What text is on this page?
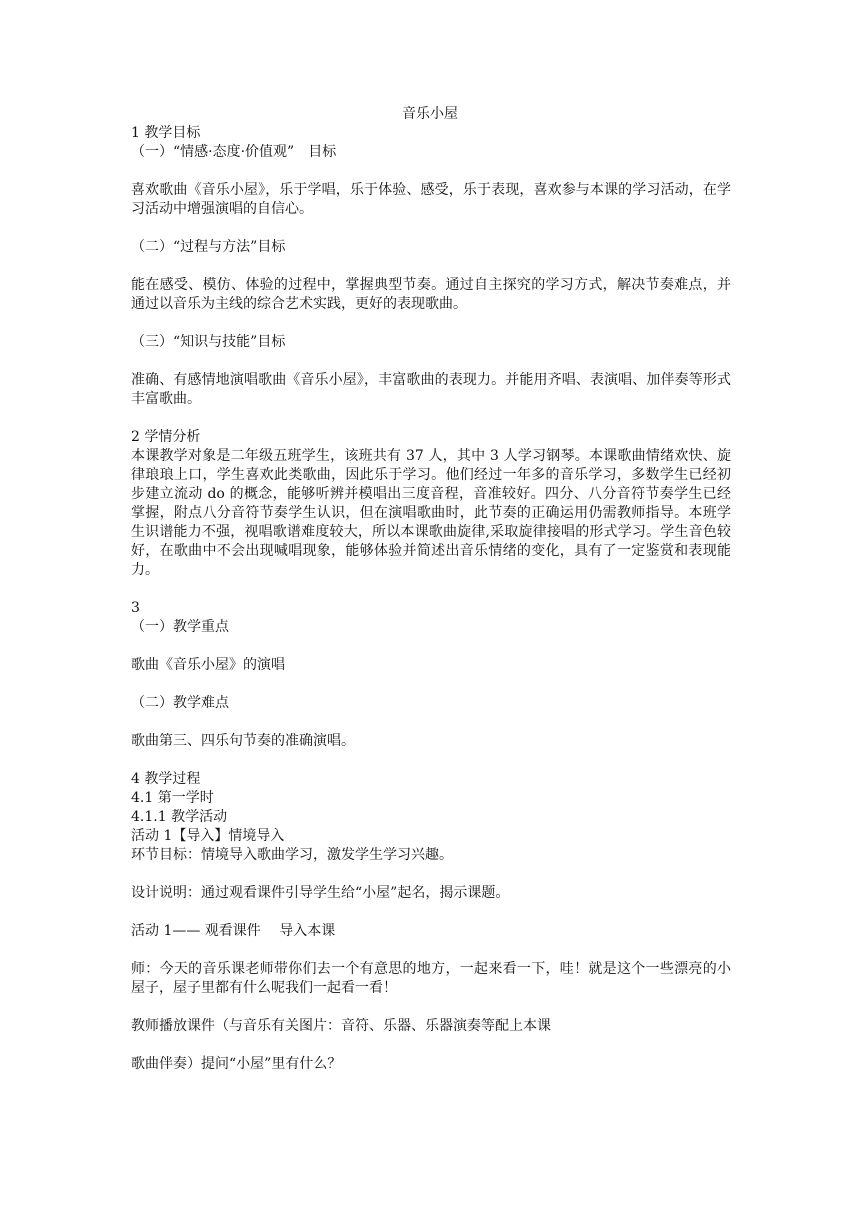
音乐小屋
1 教学目标
（一）“情感·态度·价值观”　目标
喜欢歌曲《音乐小屋》，乐于学唱，乐于体验、感受，乐于表现，喜欢参与本课的学习活动，在学习活动中增强演唱的自信心。
（二）“过程与方法”目标
能在感受、模仿、体验的过程中，掌握典型节奏。通过自主探究的学习方式，解决节奏难点，并通过以音乐为主线的综合艺术实践，更好的表现歌曲。
（三）“知识与技能”目标
准确、有感情地演唱歌曲《音乐小屋》，丰富歌曲的表现力。并能用齐唱、表演唱、加伴奏等形式丰富歌曲。
2 学情分析
本课教学对象是二年级五班学生，该班共有 37 人，其中 3 人学习钢琴。本课歌曲情绪欢快、旋律琅琅上口，学生喜欢此类歌曲，因此乐于学习。他们经过一年多的音乐学习，多数学生已经初步建立流动 do 的概念，能够听辨并模唱出三度音程，音准较好。四分、八分音符节奏学生已经掌握，附点八分音符节奏学生认识，但在演唱歌曲时，此节奏的正确运用仍需教师指导。本班学生识谱能力不强，视唱歌谱难度较大，所以本课歌曲旋律,采取旋律接唱的形式学习。学生音色较好，在歌曲中不会出现喊唱现象，能够体验并简述出音乐情绪的变化，具有了一定鉴赏和表现能力。
3
（一）教学重点
歌曲《音乐小屋》的演唱
（二）教学难点
歌曲第三、四乐句节奏的准确演唱。
4 教学过程
4.1 第一学时
4.1.1 教学活动
活动 1【导入】情境导入
环节目标：情境导入歌曲学习，激发学生学习兴趣。
设计说明：通过观看课件引导学生给“小屋”起名，揭示课题。
活动 1—— 观看课件　 导入本课
师：今天的音乐课老师带你们去一个有意思的地方，一起来看一下，哇！就是这个一些漂亮的小屋子，屋子里都有什么呢我们一起看一看！
教师播放课件（与音乐有关图片：音符、乐器、乐器演奏等配上本课
歌曲伴奏）提问“小屋”里有什么？
